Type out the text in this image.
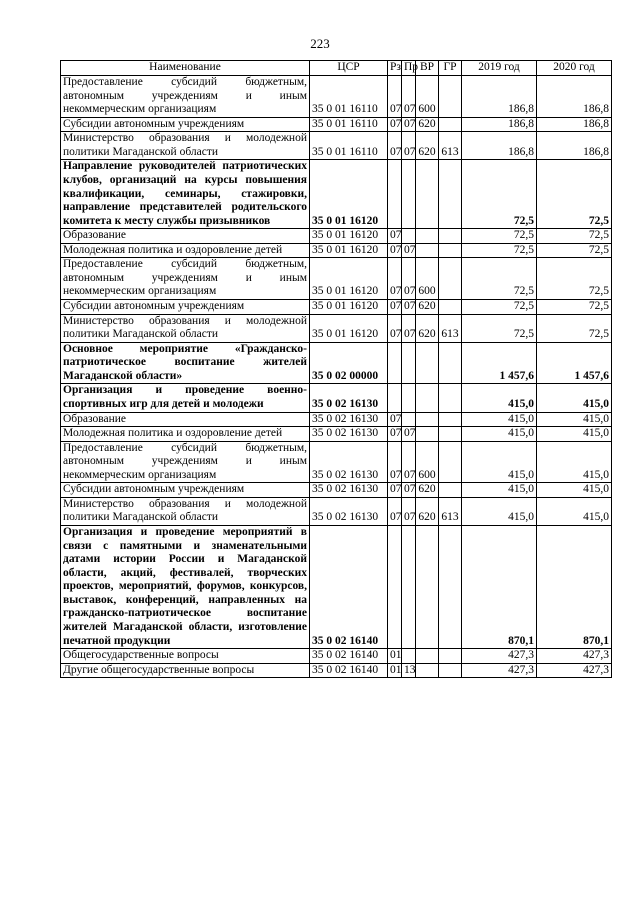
223
Наименование	ЦСР	Рз	Пр	ВР	ГР	2019 год	2020 год
Предоставление субсидий бюджетным, автономным учреждениям и иным некоммерческим организациям	35 0 01 16110	07	07	600		186,8	186,8
Субсидии автономным учреждениям	35 0 01 16110	07	07	620		186,8	186,8
Министерство образования и молодежной политики Магаданской области	35 0 01 16110	07	07	620	613	186,8	186,8
Направление руководителей патриотических клубов, организаций на курсы повышения квалификации, семинары, стажировки, направление представителей родительского комитета к месту службы призывников	35 0 01 16120					72,5	72,5
Образование	35 0 01 16120	07				72,5	72,5
Молодежная политика и оздоровление детей	35 0 01 16120	07	07			72,5	72,5
Предоставление субсидий бюджетным, автономным учреждениям и иным некоммерческим организациям	35 0 01 16120	07	07	600		72,5	72,5
Субсидии автономным учреждениям	35 0 01 16120	07	07	620		72,5	72,5
Министерство образования и молодежной политики Магаданской области	35 0 01 16120	07	07	620	613	72,5	72,5
Основное мероприятие «Гражданско-патриотическое воспитание жителей Магаданской области»	35 0 02 00000					1 457,6	1 457,6
Организация и проведение военно-спортивных игр для детей и молодежи	35 0 02 16130					415,0	415,0
Образование	35 0 02 16130	07				415,0	415,0
Молодежная политика и оздоровление детей	35 0 02 16130	07	07			415,0	415,0
Предоставление субсидий бюджетным, автономным учреждениям и иным некоммерческим организациям	35 0 02 16130	07	07	600		415,0	415,0
Субсидии автономным учреждениям	35 0 02 16130	07	07	620		415,0	415,0
Министерство образования и молодежной политики Магаданской области	35 0 02 16130	07	07	620	613	415,0	415,0
Организация и проведение мероприятий в связи с памятными и знаменательными датами истории России и Магаданской области, акций, фестивалей, творческих проектов, мероприятий, форумов, конкурсов, выставок, конференций, направленных на гражданско-патриотическое воспитание жителей Магаданской области, изготовление печатной продукции	35 0 02 16140					870,1	870,1
Общегосударственные вопросы	35 0 02 16140	01				427,3	427,3
Другие общегосударственные вопросы	35 0 02 16140	01	13			427,3	427,3
